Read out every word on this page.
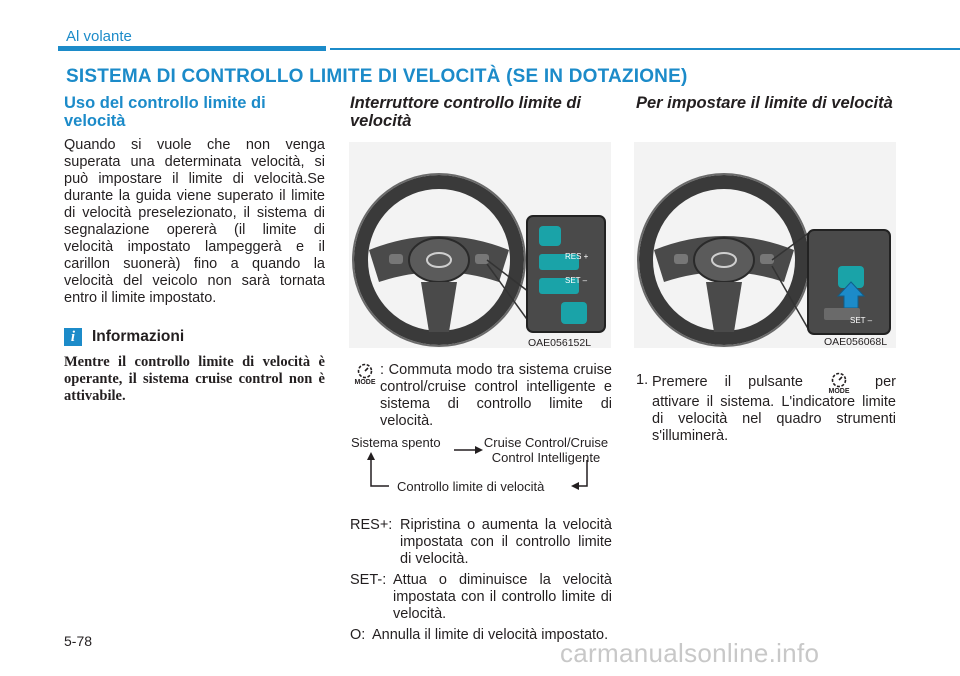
Al volante
SISTEMA DI CONTROLLO LIMITE DI VELOCITÀ (SE IN DOTAZIONE)
Uso del controllo limite di velocità
Quando si vuole che non venga superata una determinata velocità, si può impostare il limite di velocità.Se durante la guida viene superato il limite di velocità preselezionato, il sistema di segnalazione opererà (il limite di velocità impostato lampeggerà e il carillon suonerà) fino a quando la velocità del veicolo non sarà tornata entro il limite impostato.
i	Informazioni
Mentre il controllo limite di velocità è operante, il sistema cruise control non è attivabile.
Interruttore controllo limite di velocità
RES +
SET –
OAE056152L
MODE
: Commuta modo tra sistema cruise control/cruise control intelligente e sistema di controllo limite di velocità.
Sistema spento	Cruise Control/Cruise
Control Intelligente
Controllo limite di velocità
RES+: Ripristina o aumenta la velocità impostata con il controllo limite di velocità.
SET-: Attua o diminuisce la velocità impostata con il controllo limite di velocità.
O: Annulla il limite di velocità impostato.
Per impostare il limite di velocità
SET –
OAE056068L
1. Premere il pulsante
MODE
per
attivare il sistema. L'indicatore limite di velocità nel quadro strumenti s'illuminerà.
5-78	carmanualsonline.info
